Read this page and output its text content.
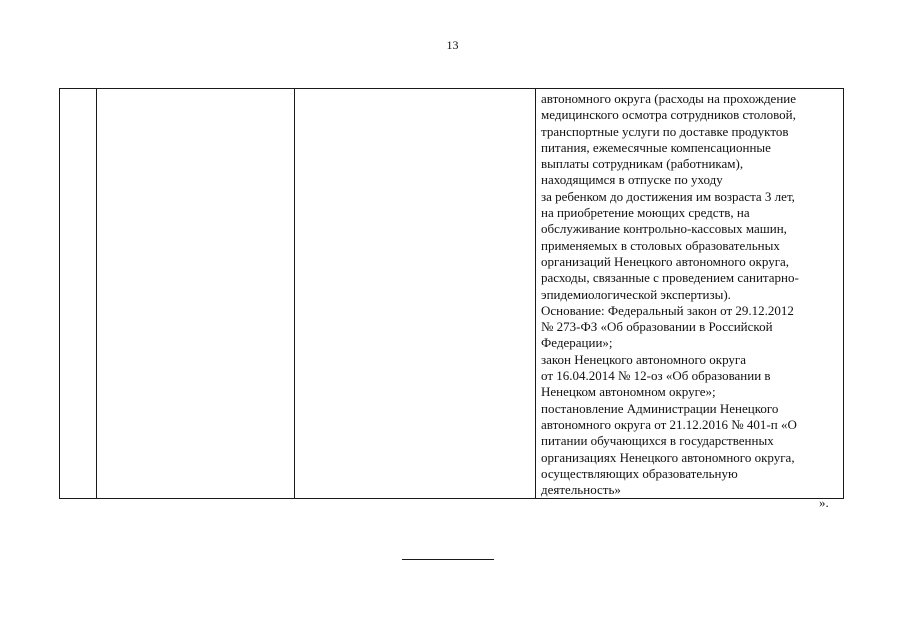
13

автономного округа (расходы на прохождение
медицинского осмотра сотрудников столовой,
транспортные услуги по доставке продуктов
питания, ежемесячные компенсационные
выплаты сотрудникам (работникам),
находящимся в отпуске по уходу
за ребенком до достижения им возраста 3 лет,
на приобретение моющих средств, на
обслуживание контрольно-кассовых машин,
применяемых в столовых образовательных
организаций Ненецкого автономного округа,
расходы, связанные с проведением санитарно-
эпидемиологической экспертизы).
Основание: Федеральный закон от 29.12.2012
№ 273-ФЗ «Об образовании в Российской
Федерации»;
закон Ненецкого автономного округа
от 16.04.2014 № 12-оз «Об образовании в
Ненецком автономном округе»;
постановление Администрации Ненецкого
автономного округа от 21.12.2016 № 401-п «О
питании обучающихся в государственных
организациях Ненецкого автономного округа,
осуществляющих образовательную
деятельность»
».
